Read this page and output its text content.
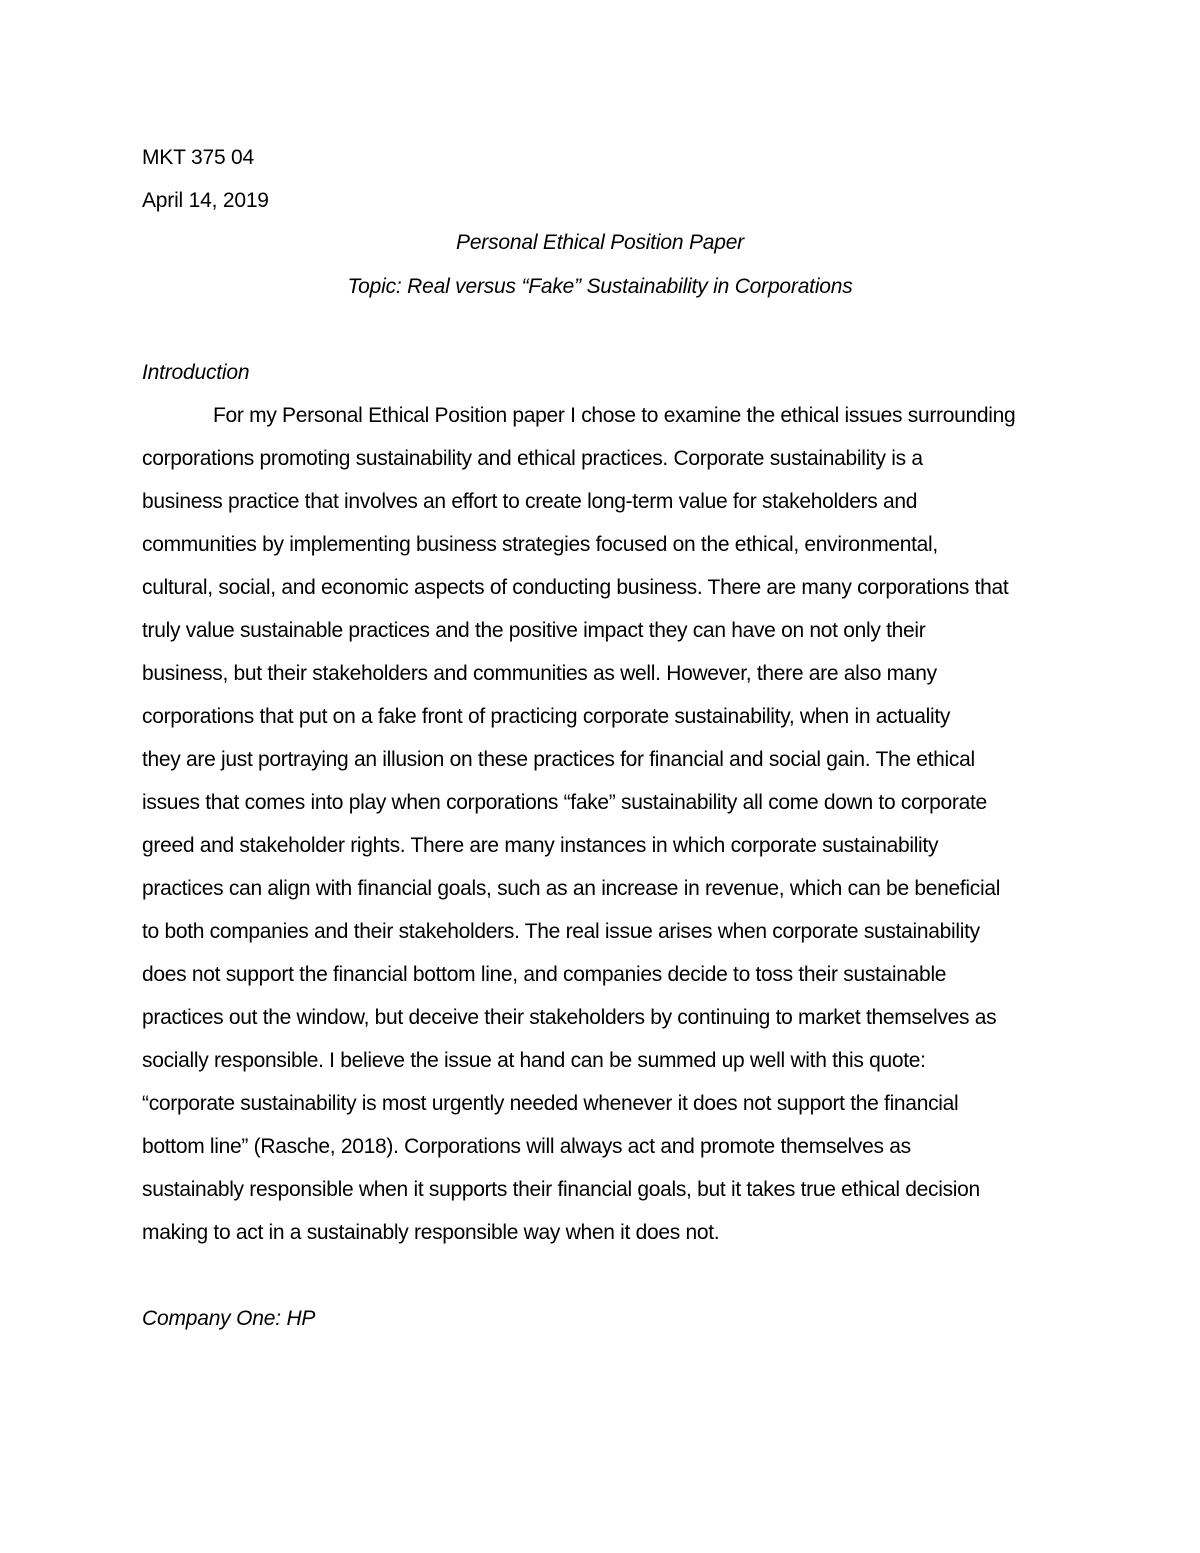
MKT 375 04
April 14, 2019
Personal Ethical Position Paper
Topic: Real versus “Fake” Sustainability in Corporations
Introduction
For my Personal Ethical Position paper I chose to examine the ethical issues surrounding
corporations promoting sustainability and ethical practices. Corporate sustainability is a
business practice that involves an effort to create long-term value for stakeholders and
communities by implementing business strategies focused on the ethical, environmental,
cultural, social, and economic aspects of conducting business. There are many corporations that
truly value sustainable practices and the positive impact they can have on not only their
business, but their stakeholders and communities as well. However, there are also many
corporations that put on a fake front of practicing corporate sustainability, when in actuality
they are just portraying an illusion on these practices for financial and social gain. The ethical
issues that comes into play when corporations “fake” sustainability all come down to corporate
greed and stakeholder rights. There are many instances in which corporate sustainability
practices can align with financial goals, such as an increase in revenue, which can be beneficial
to both companies and their stakeholders. The real issue arises when corporate sustainability
does not support the financial bottom line, and companies decide to toss their sustainable
practices out the window, but deceive their stakeholders by continuing to market themselves as
socially responsible. I believe the issue at hand can be summed up well with this quote:
“corporate sustainability is most urgently needed whenever it does not support the financial
bottom line” (Rasche, 2018). Corporations will always act and promote themselves as
sustainably responsible when it supports their financial goals, but it takes true ethical decision
making to act in a sustainably responsible way when it does not.
Company One: HP
